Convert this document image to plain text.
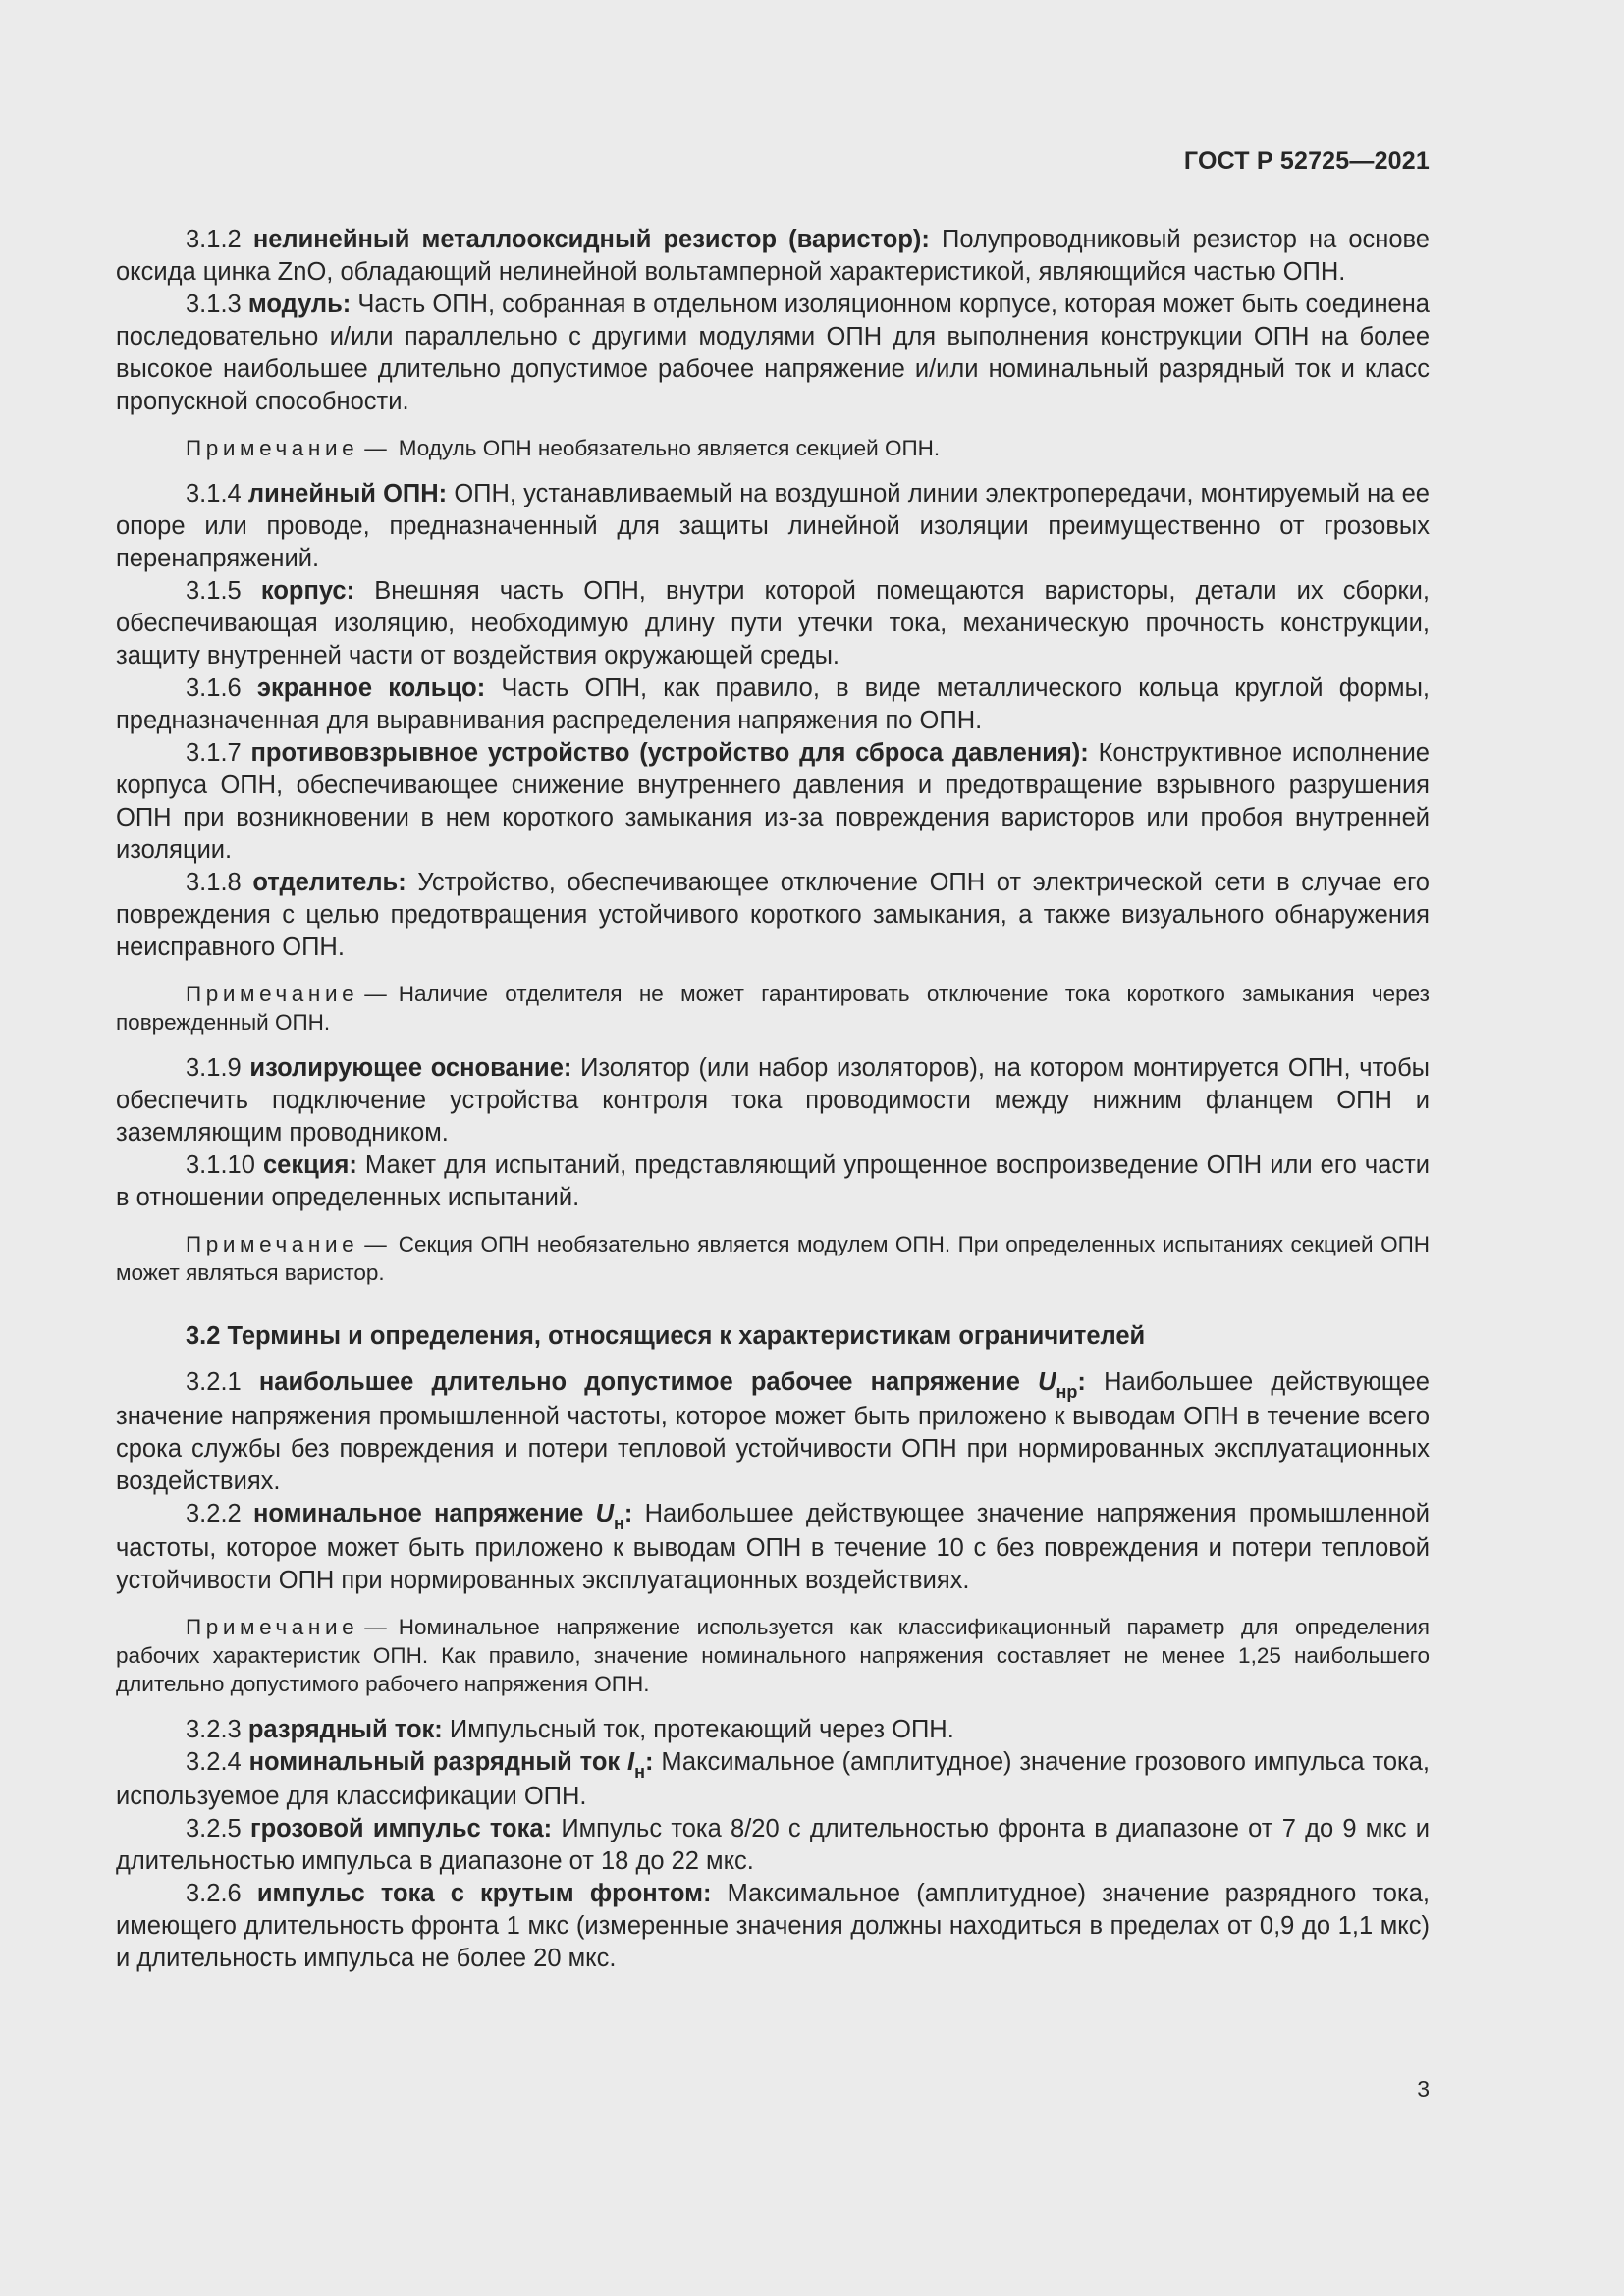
ГОСТ Р 52725—2021

3.1.2 нелинейный металлооксидный резистор (варистор): Полупроводниковый резистор на основе оксида цинка ZnO, обладающий нелинейной вольтамперной характеристикой, являющийся частью ОПН.

3.1.3 модуль: Часть ОПН, собранная в отдельном изоляционном корпусе, которая может быть соединена последовательно и/или параллельно с другими модулями ОПН для выполнения конструкции ОПН на более высокое наибольшее длительно допустимое рабочее напряжение и/или номинальный разрядный ток и класс пропускной способности.

Примечание — Модуль ОПН необязательно является секцией ОПН.

3.1.4 линейный ОПН: ОПН, устанавливаемый на воздушной линии электропередачи, монтируемый на ее опоре или проводе, предназначенный для защиты линейной изоляции преимущественно от грозовых перенапряжений.

3.1.5 корпус: Внешняя часть ОПН, внутри которой помещаются варисторы, детали их сборки, обеспечивающая изоляцию, необходимую длину пути утечки тока, механическую прочность конструкции, защиту внутренней части от воздействия окружающей среды.

3.1.6 экранное кольцо: Часть ОПН, как правило, в виде металлического кольца круглой формы, предназначенная для выравнивания распределения напряжения по ОПН.

3.1.7 противовзрывное устройство (устройство для сброса давления): Конструктивное исполнение корпуса ОПН, обеспечивающее снижение внутреннего давления и предотвращение взрывного разрушения ОПН при возникновении в нем короткого замыкания из-за повреждения варисторов или пробоя внутренней изоляции.

3.1.8 отделитель: Устройство, обеспечивающее отключение ОПН от электрической сети в случае его повреждения с целью предотвращения устойчивого короткого замыкания, а также визуального обнаружения неисправного ОПН.

Примечание — Наличие отделителя не может гарантировать отключение тока короткого замыкания через поврежденный ОПН.

3.1.9 изолирующее основание: Изолятор (или набор изоляторов), на котором монтируется ОПН, чтобы обеспечить подключение устройства контроля тока проводимости между нижним фланцем ОПН и заземляющим проводником.

3.1.10 секция: Макет для испытаний, представляющий упрощенное воспроизведение ОПН или его части в отношении определенных испытаний.

Примечание — Секция ОПН необязательно является модулем ОПН. При определенных испытаниях секцией ОПН может являться варистор.

3.2 Термины и определения, относящиеся к характеристикам ограничителей

3.2.1 наибольшее длительно допустимое рабочее напряжение $U_{нр}$: Наибольшее действующее значение напряжения промышленной частоты, которое может быть приложено к выводам ОПН в течение всего срока службы без повреждения и потери тепловой устойчивости ОПН при нормированных эксплуатационных воздействиях.

3.2.2 номинальное напряжение $U_н$: Наибольшее действующее значение напряжения промышленной частоты, которое может быть приложено к выводам ОПН в течение 10 с без повреждения и потери тепловой устойчивости ОПН при нормированных эксплуатационных воздействиях.

Примечание — Номинальное напряжение используется как классификационный параметр для определения рабочих характеристик ОПН. Как правило, значение номинального напряжения составляет не менее 1,25 наибольшего длительно допустимого рабочего напряжения ОПН.

3.2.3 разрядный ток: Импульсный ток, протекающий через ОПН.

3.2.4 номинальный разрядный ток $I_н$: Максимальное (амплитудное) значение грозового импульса тока, используемое для классификации ОПН.

3.2.5 грозовой импульс тока: Импульс тока 8/20 с длительностью фронта в диапазоне от 7 до 9 мкс и длительностью импульса в диапазоне от 18 до 22 мкс.

3.2.6 импульс тока с крутым фронтом: Максимальное (амплитудное) значение разрядного тока, имеющего длительность фронта 1 мкс (измеренные значения должны находиться в пределах от 0,9 до 1,1 мкс) и длительность импульса не более 20 мкс.

3
